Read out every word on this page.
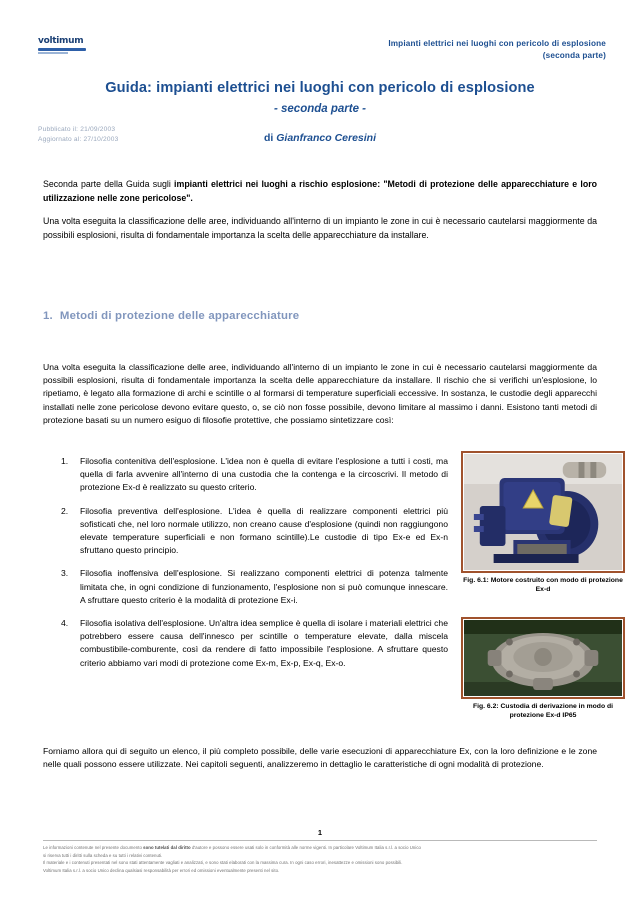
voltimum	Impianti elettrici nei luoghi con pericolo di esplosione
(seconda parte)
Guida: impianti elettrici nei luoghi con pericolo di esplosione
- seconda parte -
di Gianfranco Ceresini
Pubblicato il: 21/09/2003
Aggiornato al: 27/10/2003

Seconda parte della Guida sugli impianti elettrici nei luoghi a rischio esplosione: "Metodi di protezione delle apparecchiature e loro utilizzazione nelle zone pericolose".

Una volta eseguita la classificazione delle aree, individuando all'interno di un impianto le zone in cui è necessario cautelarsi maggiormente da possibili esplosioni, risulta di fondamentale importanza la scelta delle apparecchiature da installare.

1. Metodi di protezione delle apparecchiature

Una volta eseguita la classificazione delle aree, individuando all'interno di un impianto le zone in cui è necessario cautelarsi maggiormente da possibili esplosioni, risulta di fondamentale importanza la scelta delle apparecchiature da installare. Il rischio che si verifichi un'esplosione, lo ripetiamo, è legato alla formazione di archi e scintille o al formarsi di temperature superficiali eccessive. In sostanza, le custodie degli apparecchi installati nelle zone pericolose devono evitare questo, o, se ciò non fosse possibile, devono limitare al massimo i danni. Esistono tanti metodi di protezione basati su un numero esiguo di filosofie protettive, che possiamo sintetizzare così:

1. Filosofia contenitiva dell'esplosione. L'idea non è quella di evitare l'esplosione a tutti i costi, ma quella di farla avvenire all'interno di una custodia che la contenga e la circoscrivi. Il metodo di protezione Ex-d è realizzato su questo criterio.
2. Filosofia preventiva dell'esplosione. L'idea è quella di realizzare componenti elettrici più sofisticati che, nel loro normale utilizzo, non creano cause d'esplosione (quindi non raggiungono elevate temperature superficiali e non formano scintille).Le custodie di tipo Ex-e ed Ex-n sfruttano questo principio.
3. Filosofia inoffensiva dell'esplosione. Si realizzano componenti elettrici di potenza talmente limitata che, in ogni condizione di funzionamento, l'esplosione non si può comunque innescare. A sfruttare questo criterio è la modalità di protezione Ex-i.
4. Filosofia isolativa dell'esplosione. Un'altra idea semplice è quella di isolare i materiali elettrici che potrebbero essere causa dell'innesco per scintille o temperature elevate, dalla miscela combustibile-comburente, così da rendere di fatto impossibile l'esplosione. A sfruttare questo criterio abbiamo vari modi di protezione come Ex-m, Ex-p, Ex-q, Ex-o.
Fig. 6.1: Motore costruito con modo di protezione Ex-d
Fig. 6.2: Custodia di derivazione in modo di protezione Ex-d IP65

Forniamo allora qui di seguito un elenco, il più completo possibile, delle varie esecuzioni di apparecchiature Ex, con la loro definizione e le zone nelle quali possono essere utilizzate. Nei capitoli seguenti, analizzeremo in dettaglio le caratteristiche di ogni modalità di protezione.

1
Le informazioni contenute nel presente documento sono tutelati dal diritto d'autore e possono essere usati solo in conformità alle norme vigenti. In particolare Voltimum Italia s.r.l. a socio Unico
si riserva tutti i diritti sulla scheda e su tutti i relativi contenuti.
Il materiale e i contenuti presentati nel sono stati attentamente vagliati e analizzati, e sono stati elaborati con la massima cura. In ogni caso errori, inesattezze e omissioni sono possibili.
Voltimum Italia s.r.l. a socio Unico declina qualsiasi responsabilità per errori ed omissioni eventualmente presenti nel sito.
